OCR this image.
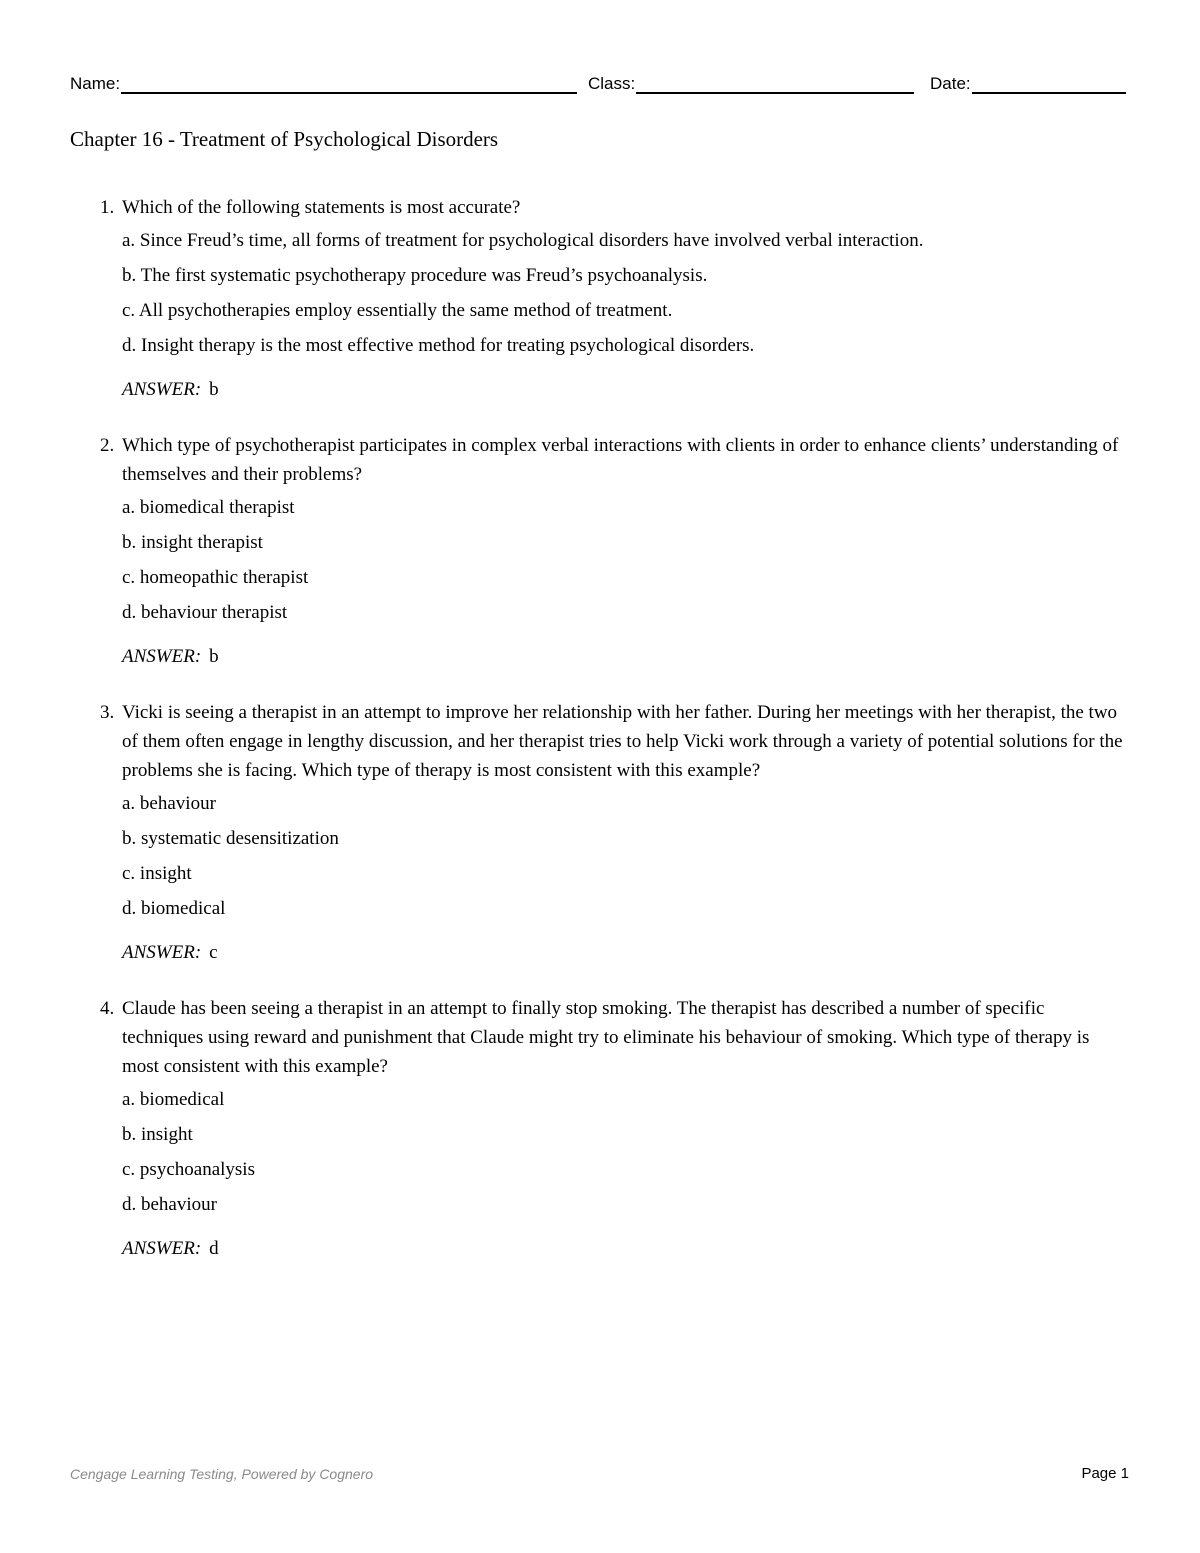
Name:	Class:	Date:
Chapter 16 - Treatment of Psychological Disorders
1. Which of the following statements is most accurate?

a. Since Freud’s time, all forms of treatment for psychological disorders have involved verbal interaction.
b. The first systematic psychotherapy procedure was Freud’s psychoanalysis.
c. All psychotherapies employ essentially the same method of treatment.
d. Insight therapy is the most effective method for treating psychological disorders.
ANSWER: b
2. Which type of psychotherapist participates in complex verbal interactions with clients in order to enhance clients’ understanding of themselves and their problems?

a. biomedical therapist
b. insight therapist
c. homeopathic therapist
d. behaviour therapist
ANSWER: b
3. Vicki is seeing a therapist in an attempt to improve her relationship with her father. During her meetings with her therapist, the two of them often engage in lengthy discussion, and her therapist tries to help Vicki work through a variety of potential solutions for the problems she is facing. Which type of therapy is most consistent with this example?

a. behaviour
b. systematic desensitization
c. insight
d. biomedical
ANSWER: c
4. Claude has been seeing a therapist in an attempt to finally stop smoking. The therapist has described a number of specific techniques using reward and punishment that Claude might try to eliminate his behaviour of smoking. Which type of therapy is most consistent with this example?

a. biomedical
b. insight
c. psychoanalysis
d. behaviour
ANSWER: d
Cengage Learning Testing, Powered by Cognero	Page 1
